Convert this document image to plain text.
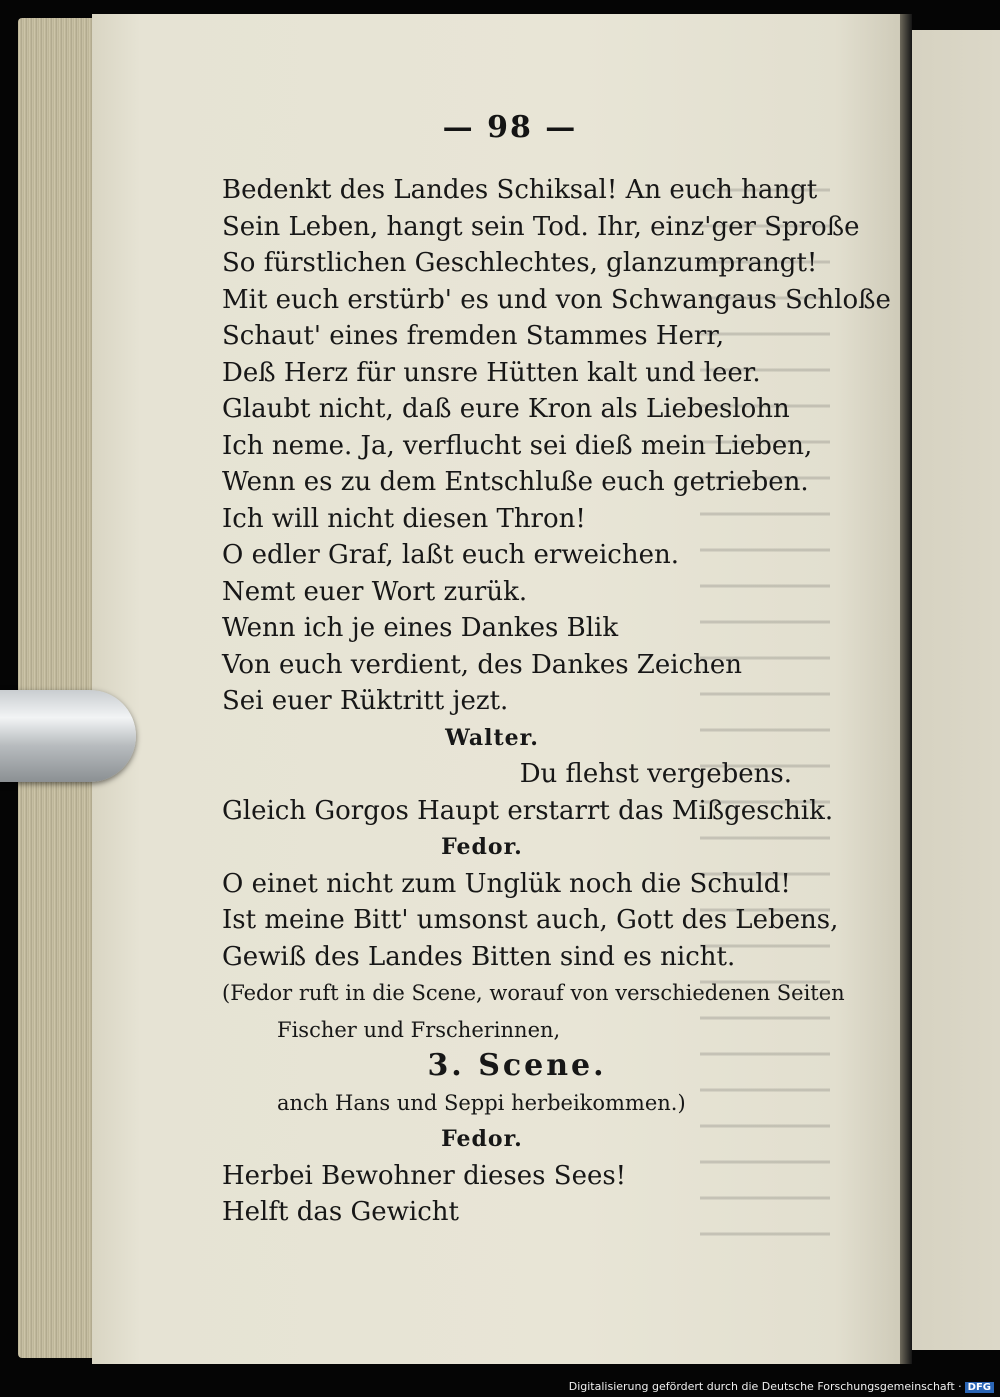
— 98 —
Bedenkt des Landes Schiksal! An euch hangt
Sein Leben, hangt sein Tod. Ihr, einz'ger Sproße
So fürstlichen Geschlechtes, glanzumprangt!
Mit euch erstürb' es und von Schwangaus Schloße
Schaut' eines fremden Stammes Herr,
Deß Herz für unsre Hütten kalt und leer.
Glaubt nicht, daß eure Kron als Liebeslohn
Ich neme. Ja, verflucht sei dieß mein Lieben,
Wenn es zu dem Entschluße euch getrieben.
Ich will nicht diesen Thron!
O edler Graf, laßt euch erweichen.
Nemt euer Wort zurük.
Wenn ich je eines Dankes Blik
Von euch verdient, des Dankes Zeichen
Sei euer Rüktritt jezt.
Walter.
Du flehst vergebens.
Gleich Gorgos Haupt erstarrt das Mißgeschik.
Fedor.
O einet nicht zum Unglük noch die Schuld!
Ist meine Bitt' umsonst auch, Gott des Lebens,
Gewiß des Landes Bitten sind es nicht.
(Fedor ruft in die Scene, worauf von verschiedenen Seiten
Fischer und Frscherinnen,
3. Scene.
anch Hans und Seppi herbeikommen.)
Fedor.
Herbei Bewohner dieses Sees!
Helft das Gewicht
Digitalisierung gefördert durch die Deutsche Forschungsgemeinschaft · DFG
